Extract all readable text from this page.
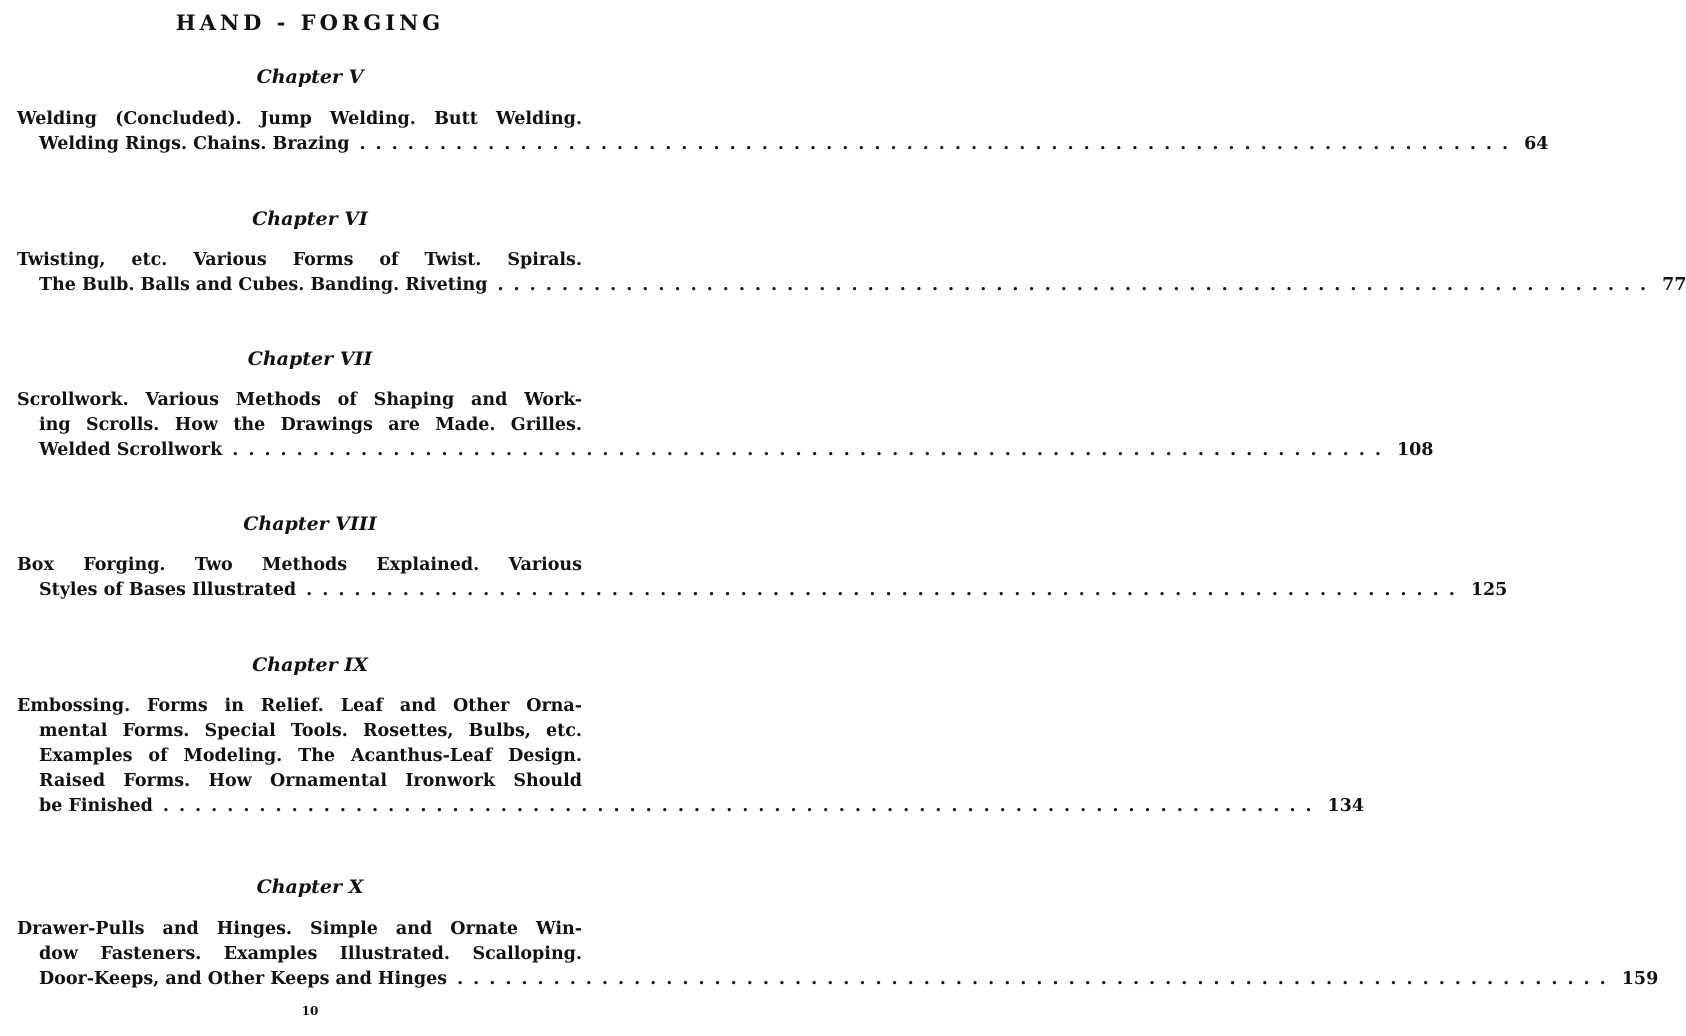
HAND - FORGING
Chapter V
Welding (Concluded). Jump Welding. Butt Welding.
Welding Rings. Chains. Brazing ........................................................................ 64
Chapter VI
Twisting, etc. Various Forms of Twist. Spirals.
The Bulb. Balls and Cubes. Banding. Riveting ........................................................................ 77
Chapter VII
Scrollwork. Various Methods of Shaping and Work-
ing Scrolls. How the Drawings are Made. Grilles.
Welded Scrollwork ........................................................................ 108
Chapter VIII
Box Forging. Two Methods Explained. Various
Styles of Bases Illustrated ........................................................................ 125
Chapter IX
Embossing. Forms in Relief. Leaf and Other Orna-
mental Forms. Special Tools. Rosettes, Bulbs, etc.
Examples of Modeling. The Acanthus-Leaf Design.
Raised Forms. How Ornamental Ironwork Should
be Finished ........................................................................ 134
Chapter X
Drawer-Pulls and Hinges. Simple and Ornate Win-
dow Fasteners. Examples Illustrated. Scalloping.
Door-Keeps, and Other Keeps and Hinges ........................................................................ 159
10
